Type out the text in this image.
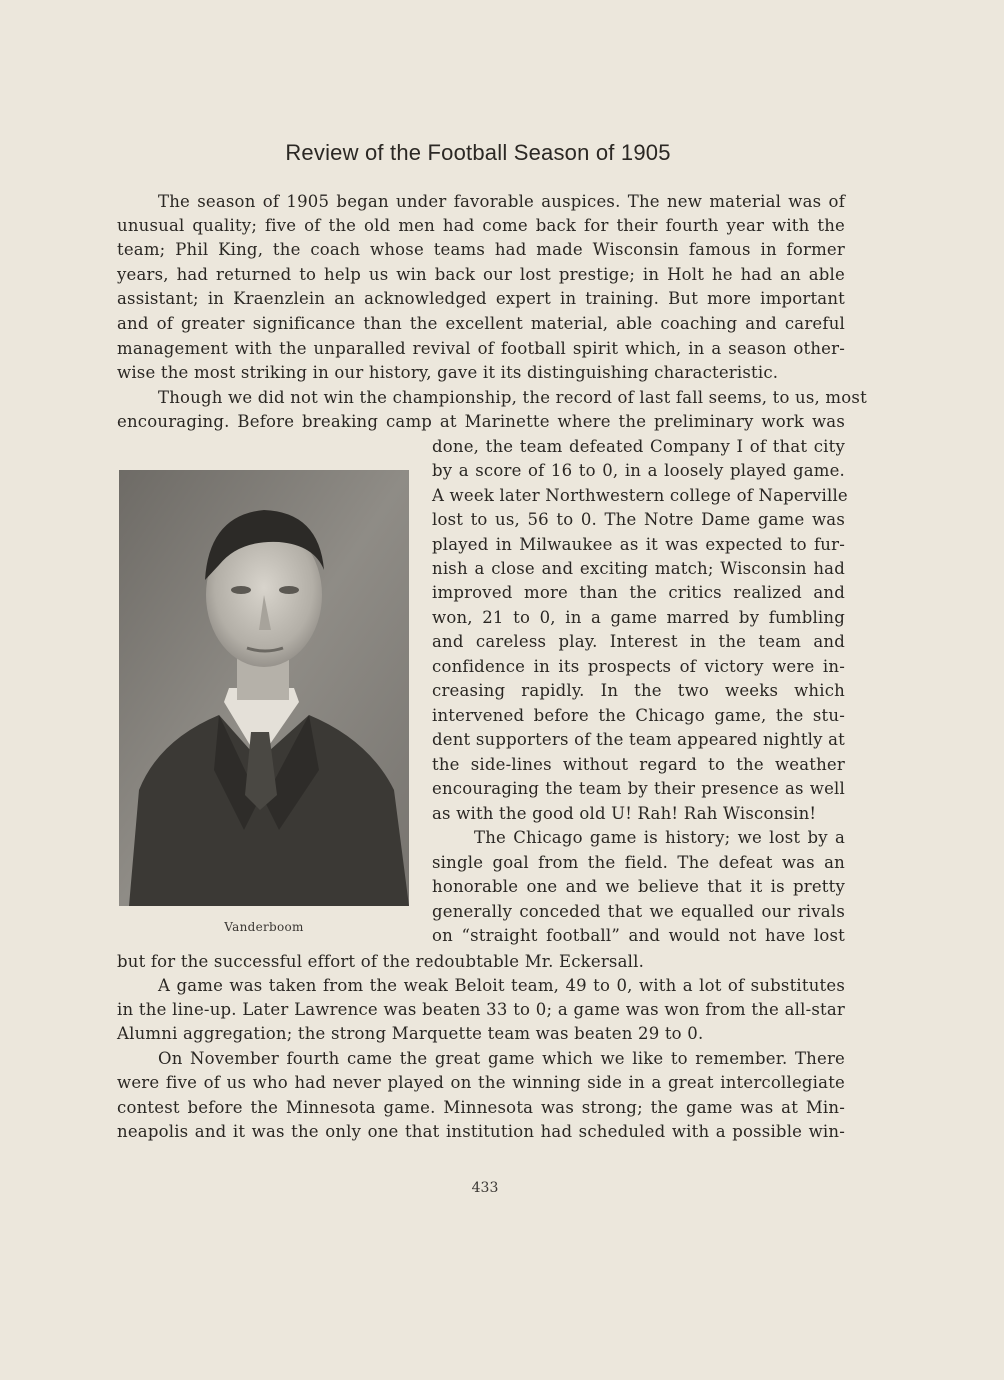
Review of the Football Season of 1905
The season of 1905 began under favorable auspices. The new material was of
unusual quality; five of the old men had come back for their fourth year with the
team; Phil King, the coach whose teams had made Wisconsin famous in former
years, had returned to help us win back our lost prestige; in Holt he had an able
assistant; in Kraenzlein an acknowledged expert in training. But more important
and of greater significance than the excellent material, able coaching and careful
management with the unparalled revival of football spirit which, in a season other-
wise the most striking in our history, gave it its distinguishing characteristic.
Though we did not win the championship, the record of last fall seems, to us, most
encouraging. Before breaking camp at Marinette where the preliminary work was
done, the team defeated Company I of that city
by a score of 16 to 0, in a loosely played game.
A week later Northwestern college of Naperville
lost to us, 56 to 0. The Notre Dame game was
played in Milwaukee as it was expected to fur-
nish a close and exciting match; Wisconsin had
improved more than the critics realized and
won, 21 to 0, in a game marred by fumbling
and careless play. Interest in the team and
confidence in its prospects of victory were in-
creasing rapidly. In the two weeks which
intervened before the Chicago game, the stu-
dent supporters of the team appeared nightly at
the side-lines without regard to the weather
encouraging the team by their presence as well
as with the good old U! Rah! Rah Wisconsin!
The Chicago game is history; we lost by a
single goal from the field. The defeat was an
honorable one and we believe that it is pretty
generally conceded that we equalled our rivals
on “straight football” and would not have lost
but for the successful effort of the redoubtable Mr. Eckersall.
A game was taken from the weak Beloit team, 49 to 0, with a lot of substitutes
in the line-up. Later Lawrence was beaten 33 to 0; a game was won from the all-star
Alumni aggregation; the strong Marquette team was beaten 29 to 0.
On November fourth came the great game which we like to remember. There
were five of us who had never played on the winning side in a great intercollegiate
contest before the Minnesota game. Minnesota was strong; the game was at Min-
neapolis and it was the only one that institution had scheduled with a possible win-
Vanderboom
433
